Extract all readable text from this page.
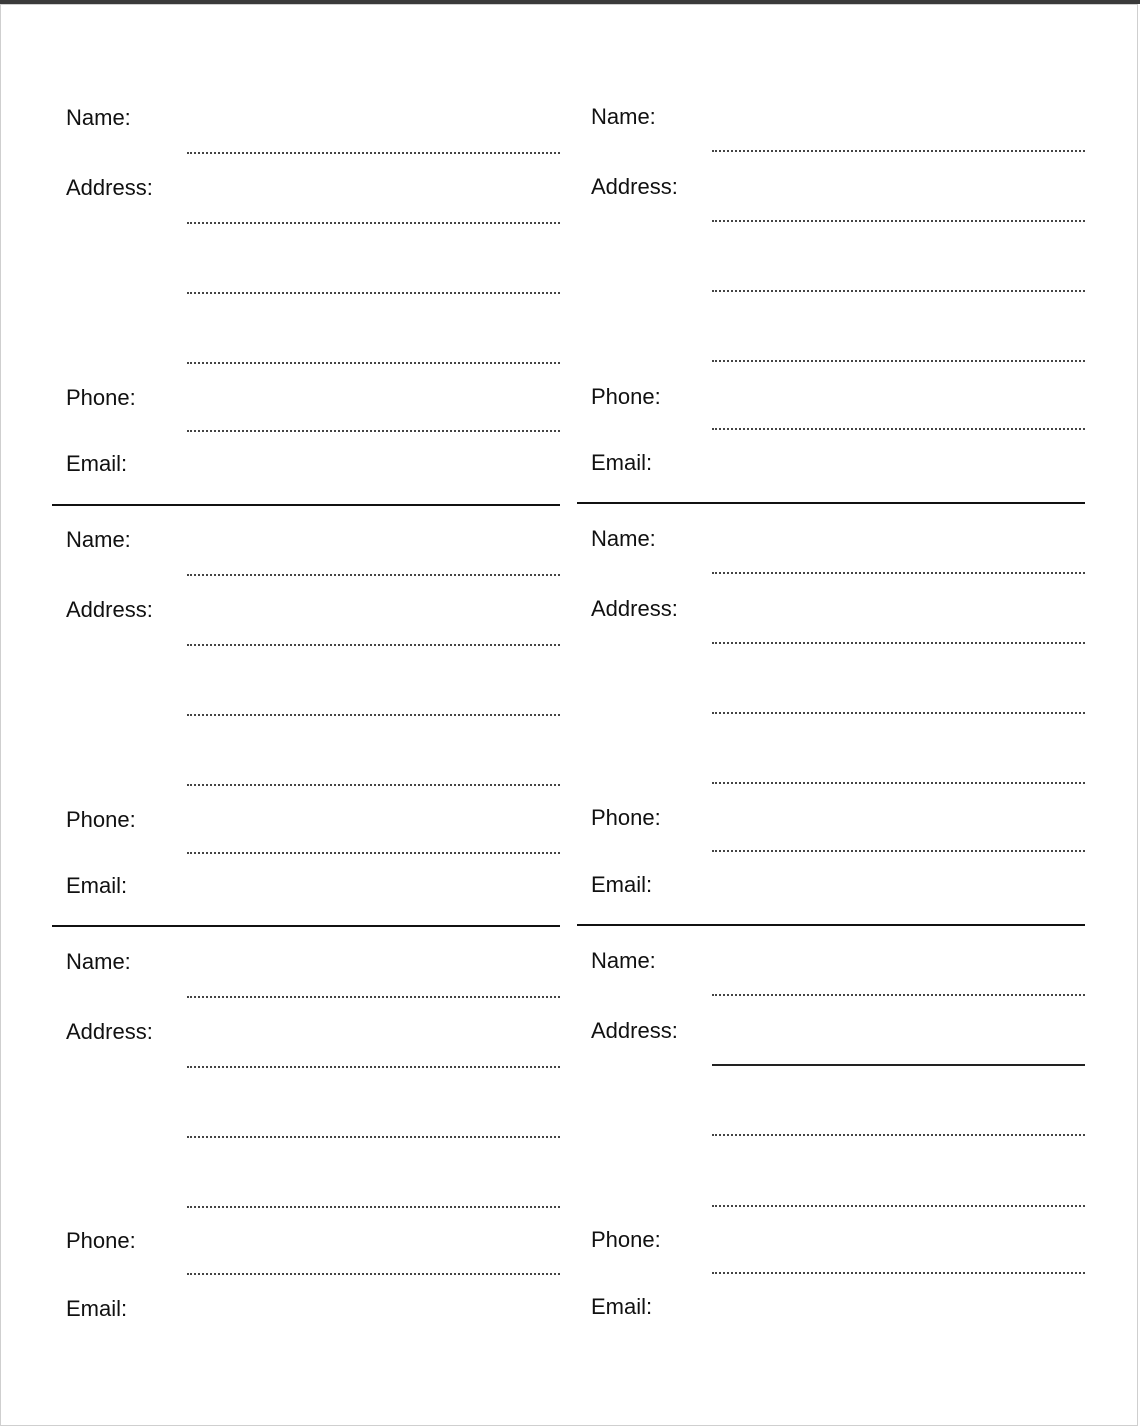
Name:
Address:
Phone:
Email:
Name:
Address:
Phone:
Email:
Name:
Address:
Phone:
Email:
Name:
Address:
Phone:
Email:
Name:
Address:
Phone:
Email:
Name:
Address:
Phone:
Email:
